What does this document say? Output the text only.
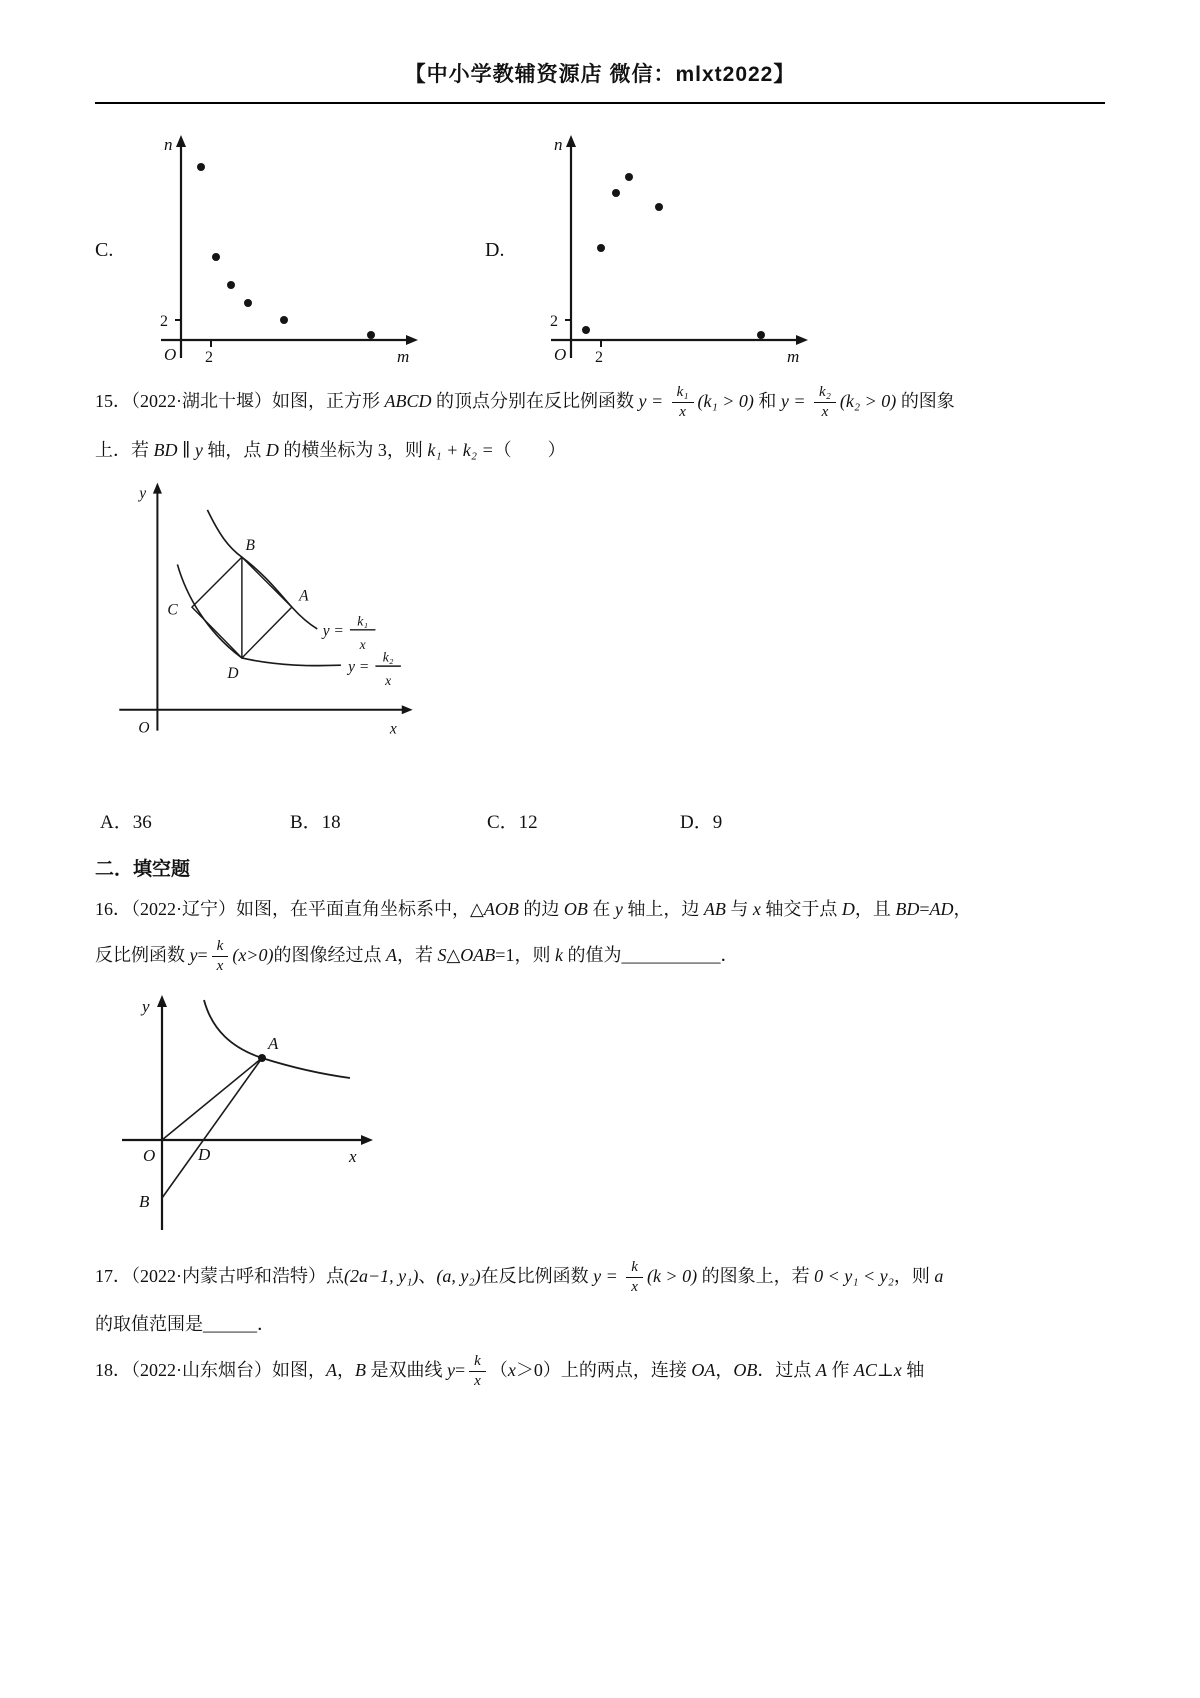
【中小学教辅资源店 微信：mlxt2022】
C.
n
m
O
2
2
D.
n
m
O
2
2
15．（2022·湖北十堰）如图，正方形 ABCD 的顶点分别在反比例函数 $y = \frac{\text{k₁}}{x} (k_1 > 0)$ 和 $y = \frac{\text{k₂}}{x} (k_2 > 0)$ 的图象
上．若 BD ∥ y 轴，点 D 的横坐标为 3，则 k₁ + k₂ =（　　）
y
x
O
B
A
C
D
y =
k₁
x
y =
k₂
x
A．36	B．18	C．12	D．9
二．填空题
16．（2022·辽宁）如图，在平面直角坐标系中，△AOB 的边 OB 在 y 轴上，边 AB 与 x 轴交于点 D，且 BD=AD，
反比例函数 $y= \frac{k}{x} (x>0)$的图像经过点 A，若 S△OAB=1，则 k 的值为___________．
y
x
O
A
D
B
17．（2022·内蒙古呼和浩特）点(2a−1, y₁)、(a, y₂)在反比例函数 $y = \frac{k}{x} (k > 0)$ 的图象上，若 0 < y₁ < y₂，则 a
的取值范围是______．
18．（2022·山东烟台）如图，A，B 是双曲线 $y= \frac{k}{x} (x>0)$上的两点，连接 OA，OB．过点 A 作 AC⊥x 轴
